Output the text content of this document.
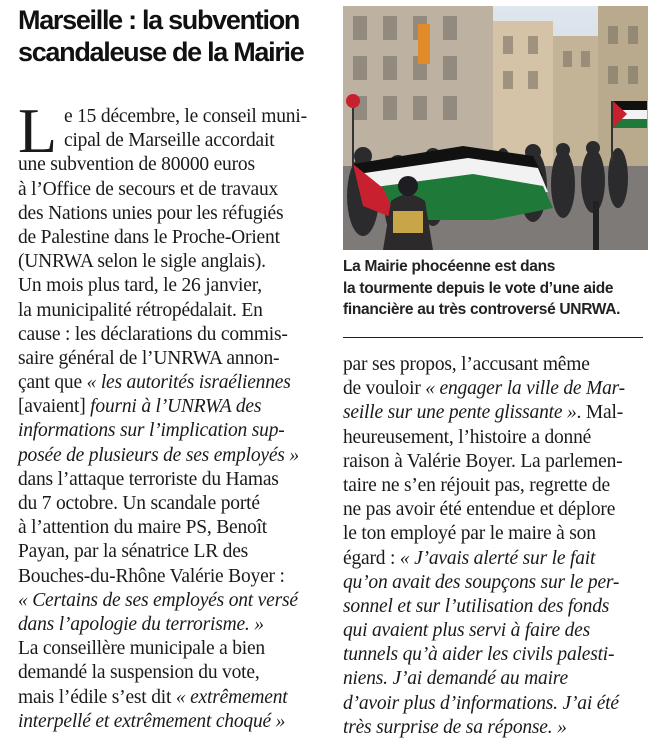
Marseille : la subvention
scandaleuse de la Mairie
L e 15 décembre, le conseil muni-
cipal de Marseille accordait
une subvention de 80000 euros
à l’Office de secours et de travaux
des Nations unies pour les réfugiés
de Palestine dans le Proche-Orient
(UNRWA selon le sigle anglais).
Un mois plus tard, le 26 janvier,
la municipalité rétropédalait. En
cause : les déclarations du commis-
saire général de l’UNRWA annon-
çant que « les autorités israéliennes
[avaient] fourni à l’UNRWA des
informations sur l’implication sup-
posée de plusieurs de ses employés »
dans l’attaque terroriste du Hamas
du 7 octobre. Un scandale porté
à l’attention du maire PS, Benoît
Payan, par la sénatrice LR des
Bouches-du-Rhône Valérie Boyer :
« Certains de ses employés ont versé
dans l’apologie du terrorisme. »
La conseillère municipale a bien
demandé la suspension du vote,
mais l’édile s’est dit « extrêmement
interpellé et extrêmement choqué »
La Mairie phocéenne est dans
la tourmente depuis le vote d’une aide
financière au très controversé UNRWA.
par ses propos, l’accusant même
de vouloir « engager la ville de Mar-
seille sur une pente glissante ». Mal-
heureusement, l’histoire a donné
raison à Valérie Boyer. La parlemen-
taire ne s’en réjouit pas, regrette de
ne pas avoir été entendue et déplore
le ton employé par le maire à son
égard : « J’avais alerté sur le fait
qu’on avait des soupçons sur le per-
sonnel et sur l’utilisation des fonds
qui avaient plus servi à faire des
tunnels qu’à aider les civils palesti-
niens. J’ai demandé au maire
d’avoir plus d’informations. J’ai été
très surprise de sa réponse. »
